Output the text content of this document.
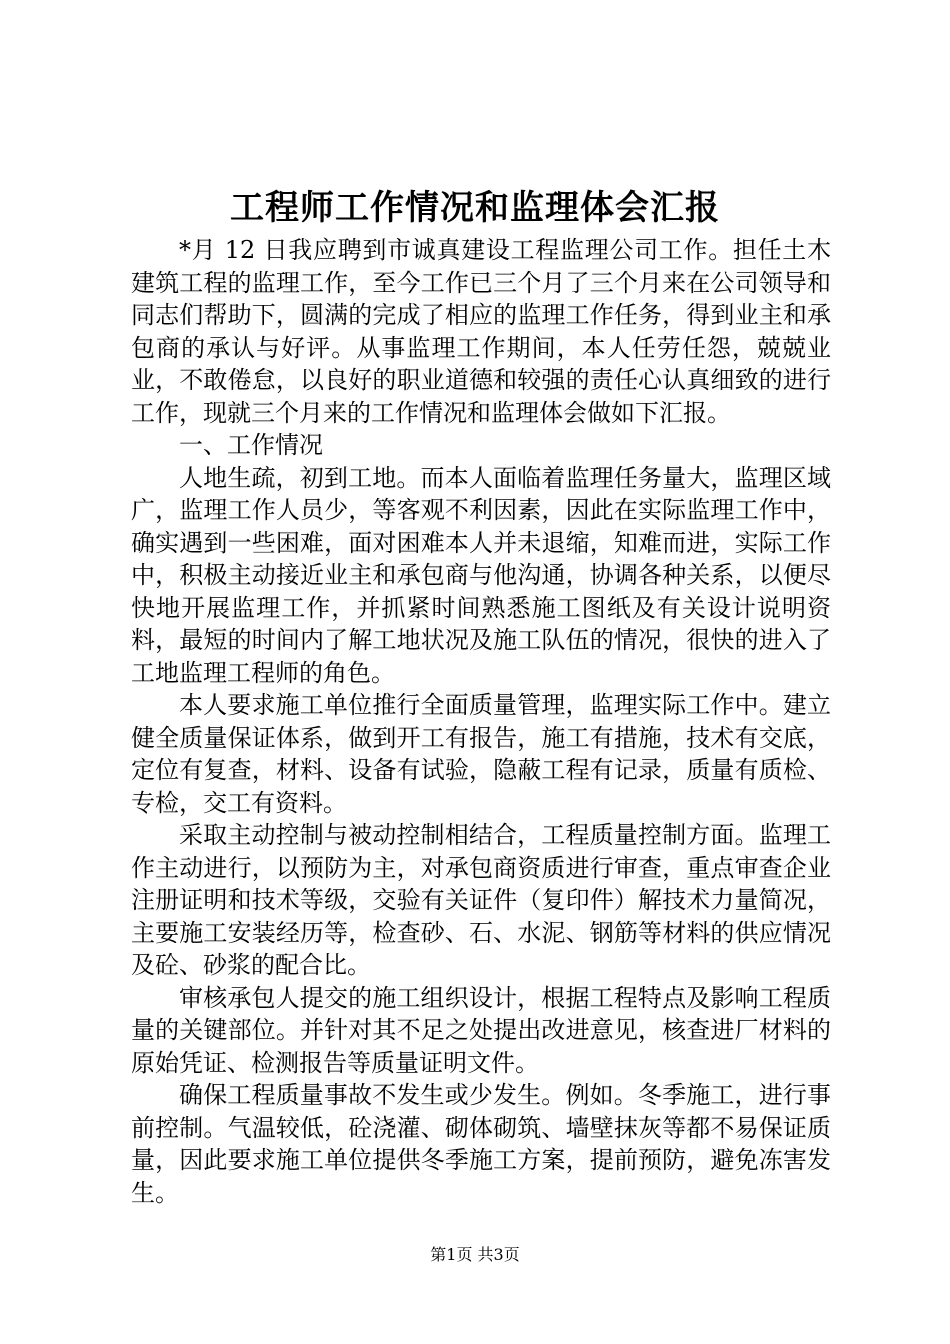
工程师工作情况和监理体会汇报

*月 12 日我应聘到市诚真建设工程监理公司工作。担任土木建筑工程的监理工作，至今工作已三个月了三个月来在公司领导和同志们帮助下，圆满的完成了相应的监理工作任务，得到业主和承包商的承认与好评。从事监理工作期间，本人任劳任怨，兢兢业业，不敢倦怠，以良好的职业道德和较强的责任心认真细致的进行工作，现就三个月来的工作情况和监理体会做如下汇报。

一、工作情况

人地生疏，初到工地。而本人面临着监理任务量大，监理区域广，监理工作人员少，等客观不利因素，因此在实际监理工作中，确实遇到一些困难，面对困难本人并未退缩，知难而进，实际工作中，积极主动接近业主和承包商与他沟通，协调各种关系，以便尽快地开展监理工作，并抓紧时间熟悉施工图纸及有关设计说明资料，最短的时间内了解工地状况及施工队伍的情况，很快的进入了工地监理工程师的角色。

本人要求施工单位推行全面质量管理，监理实际工作中。建立健全质量保证体系，做到开工有报告，施工有措施，技术有交底，定位有复查，材料、设备有试验，隐蔽工程有记录，质量有质检、专检，交工有资料。

采取主动控制与被动控制相结合，工程质量控制方面。监理工作主动进行，以预防为主，对承包商资质进行审查，重点审查企业注册证明和技术等级，交验有关证件（复印件）解技术力量简况，主要施工安装经历等，检查砂、石、水泥、钢筋等材料的供应情况及砼、砂浆的配合比。

审核承包人提交的施工组织设计，根据工程特点及影响工程质量的关键部位。并针对其不足之处提出改进意见，核查进厂材料的原始凭证、检测报告等质量证明文件。

确保工程质量事故不发生或少发生。例如。冬季施工，进行事前控制。气温较低，砼浇灌、砌体砌筑、墙壁抹灰等都不易保证质量，因此要求施工单位提供冬季施工方案，提前预防，避免冻害发生。

第1页 共3页
